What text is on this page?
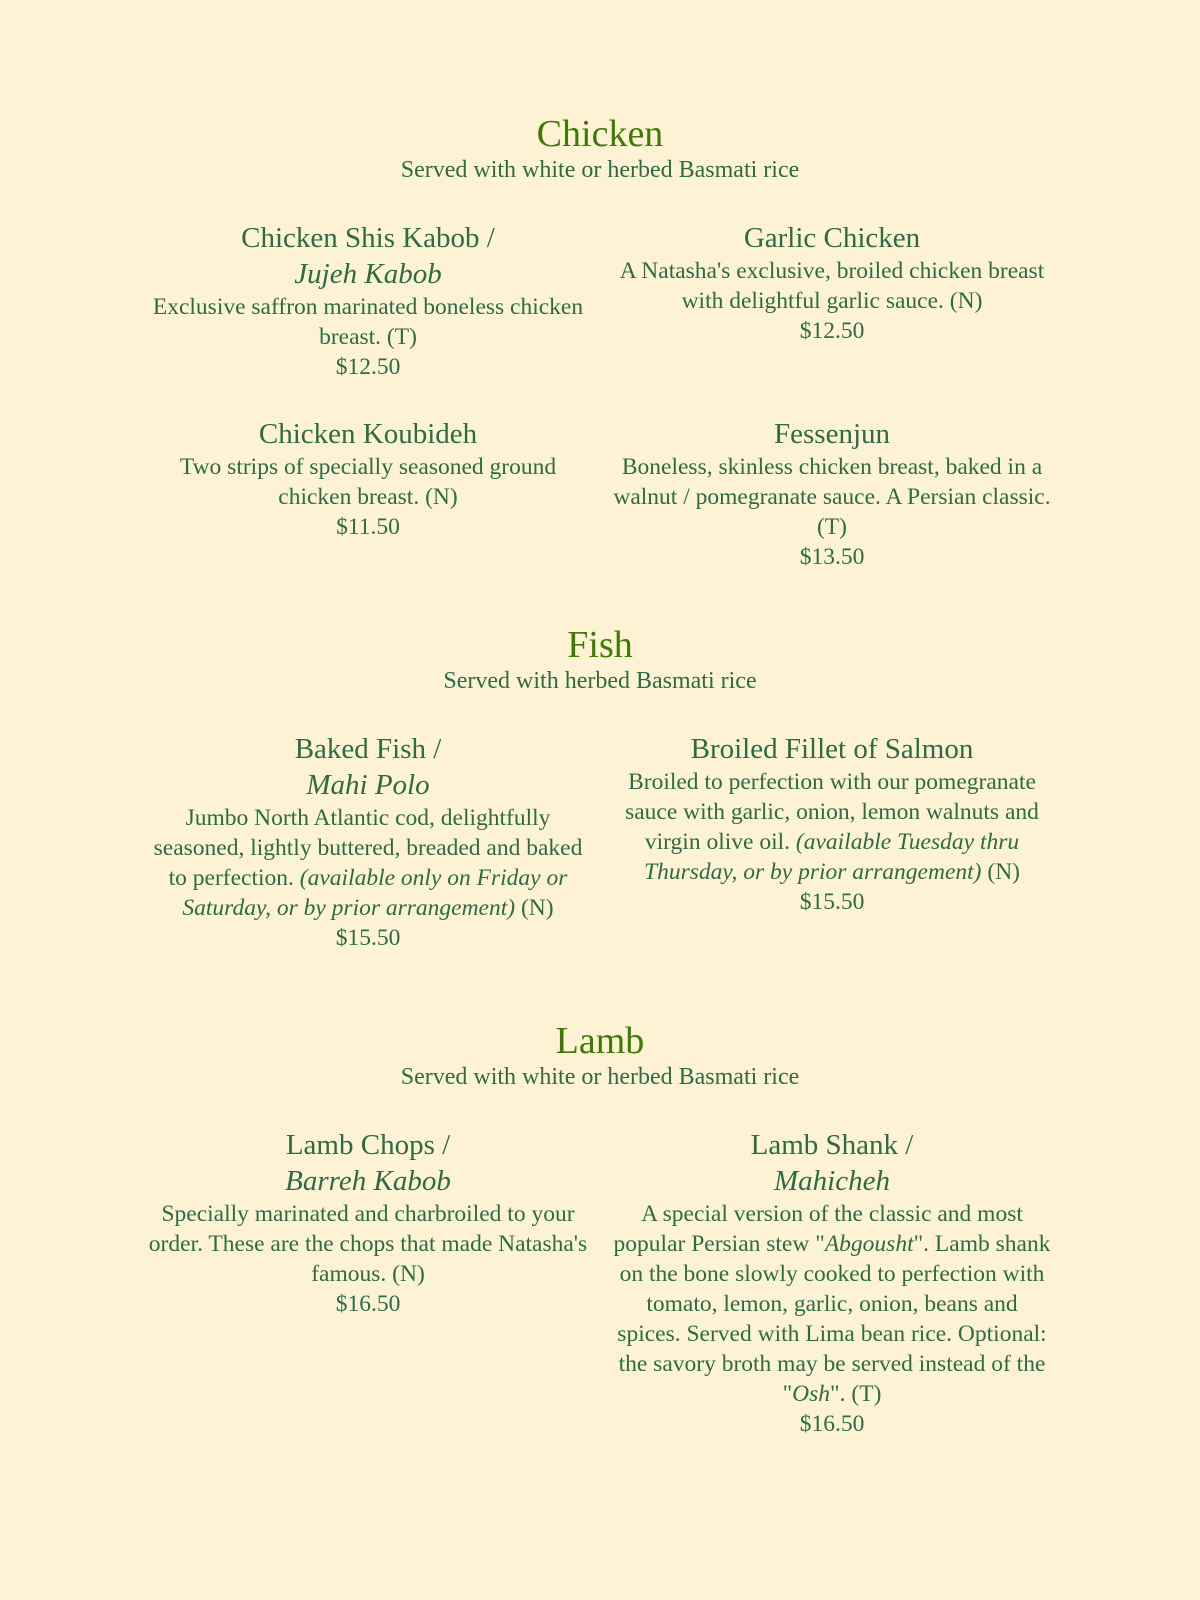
Chicken
Served with white or herbed Basmati rice
Chicken Shis Kabob /
Jujeh Kabob
Exclusive saffron marinated boneless chicken breast. (T)
$12.50
Garlic Chicken
A Natasha's exclusive, broiled chicken breast with delightful garlic sauce. (N)
$12.50
Chicken Koubideh
Two strips of specially seasoned ground chicken breast. (N)
$11.50
Fessenjun
Boneless, skinless chicken breast, baked in a walnut / pomegranate sauce. A Persian classic. (T)
$13.50
Fish
Served with herbed Basmati rice
Baked Fish /
Mahi Polo
Jumbo North Atlantic cod, delightfully seasoned, lightly buttered, breaded and baked to perfection. (available only on Friday or Saturday, or by prior arrangement) (N)
$15.50
Broiled Fillet of Salmon
Broiled to perfection with our pomegranate sauce with garlic, onion, lemon walnuts and virgin olive oil. (available Tuesday thru Thursday, or by prior arrangement) (N)
$15.50
Lamb
Served with white or herbed Basmati rice
Lamb Chops /
Barreh Kabob
Specially marinated and charbroiled to your order. These are the chops that made Natasha's famous. (N)
$16.50
Lamb Shank /
Mahicheh
A special version of the classic and most popular Persian stew "Abgousht". Lamb shank on the bone slowly cooked to perfection with tomato, lemon, garlic, onion, beans and spices. Served with Lima bean rice. Optional: the savory broth may be served instead of the "Osh". (T)
$16.50
